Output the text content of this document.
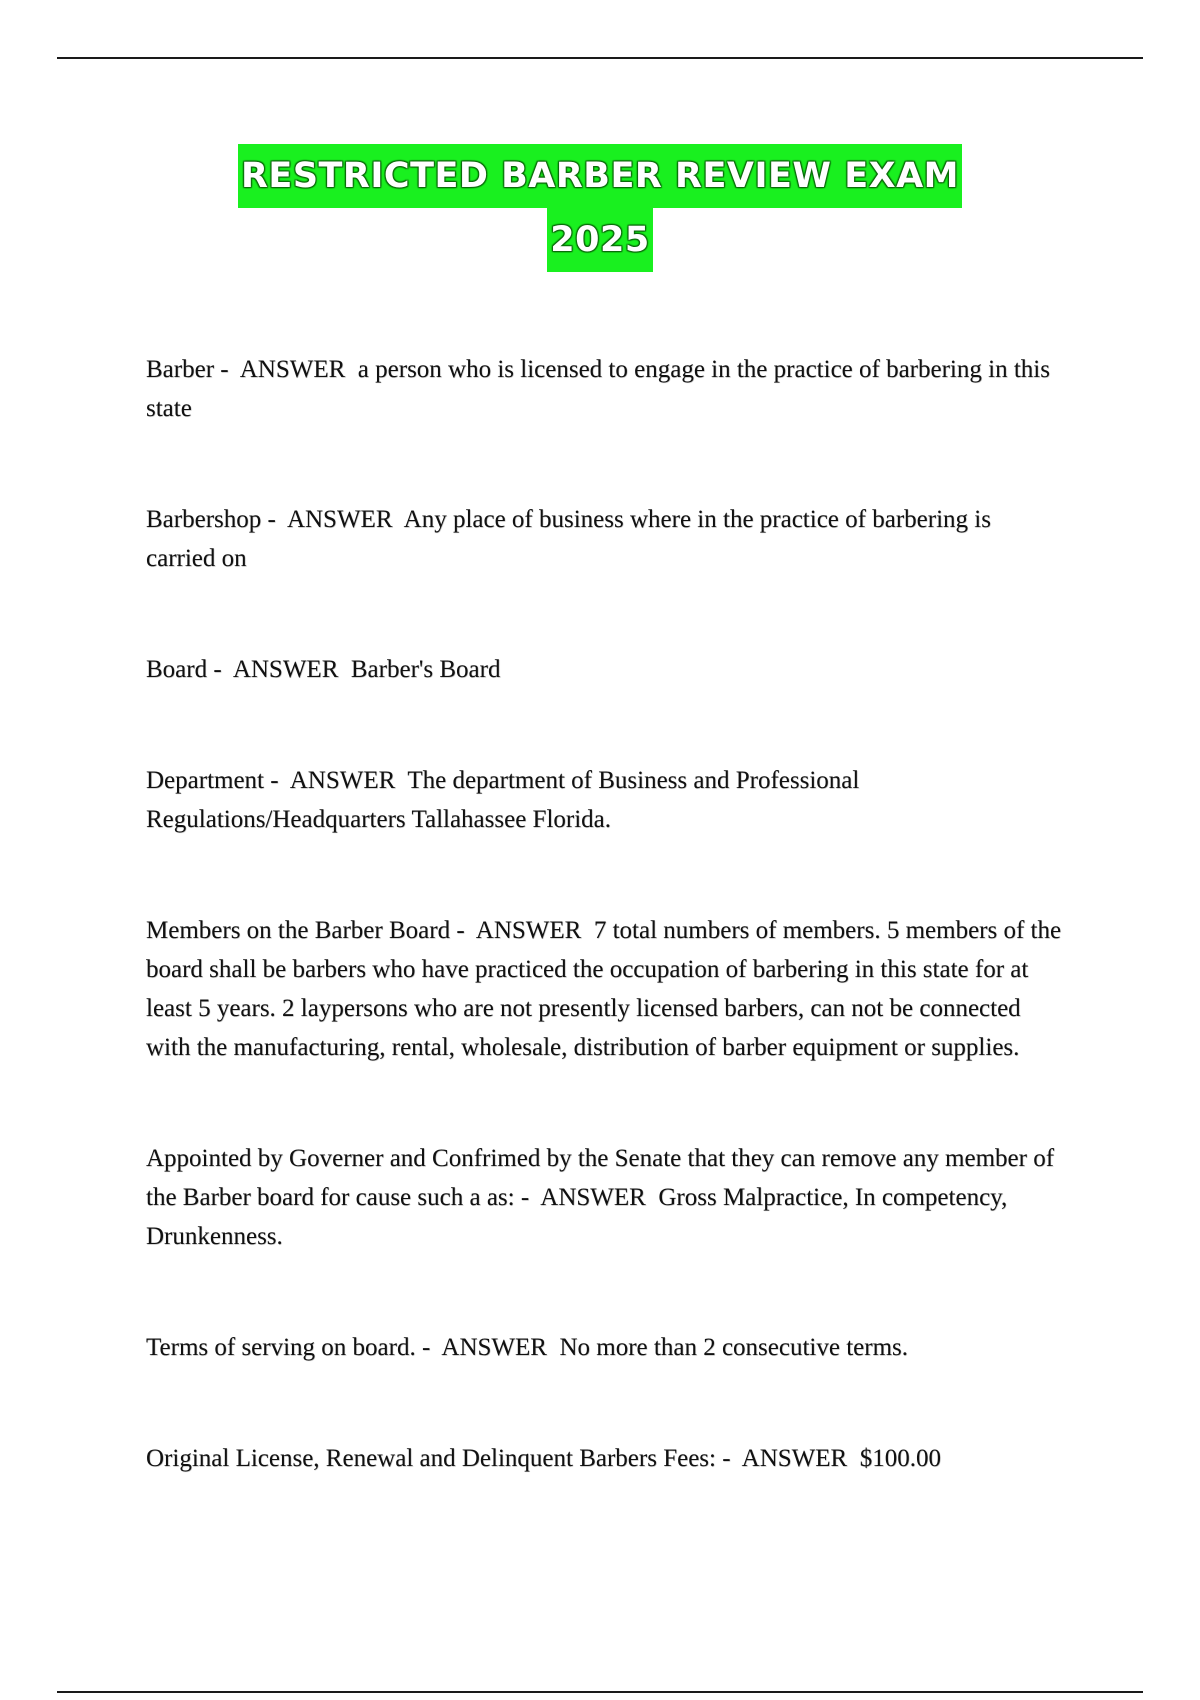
RESTRICTED BARBER REVIEW EXAM
2025

Barber - ANSWER a person who is licensed to engage in the practice of barbering in this state

Barbershop - ANSWER Any place of business where in the practice of barbering is carried on

Board - ANSWER Barber's Board

Department - ANSWER The department of Business and Professional Regulations/Headquarters Tallahassee Florida.

Members on the Barber Board - ANSWER 7 total numbers of members. 5 members of the board shall be barbers who have practiced the occupation of barbering in this state for at least 5 years. 2 laypersons who are not presently licensed barbers, can not be connected with the manufacturing, rental, wholesale, distribution of barber equipment or supplies.

Appointed by Governer and Confrimed by the Senate that they can remove any member of the Barber board for cause such a as: - ANSWER Gross Malpractice, In competency, Drunkenness.

Terms of serving on board. - ANSWER No more than 2 consecutive terms.

Original License, Renewal and Delinquent Barbers Fees: - ANSWER $100.00
